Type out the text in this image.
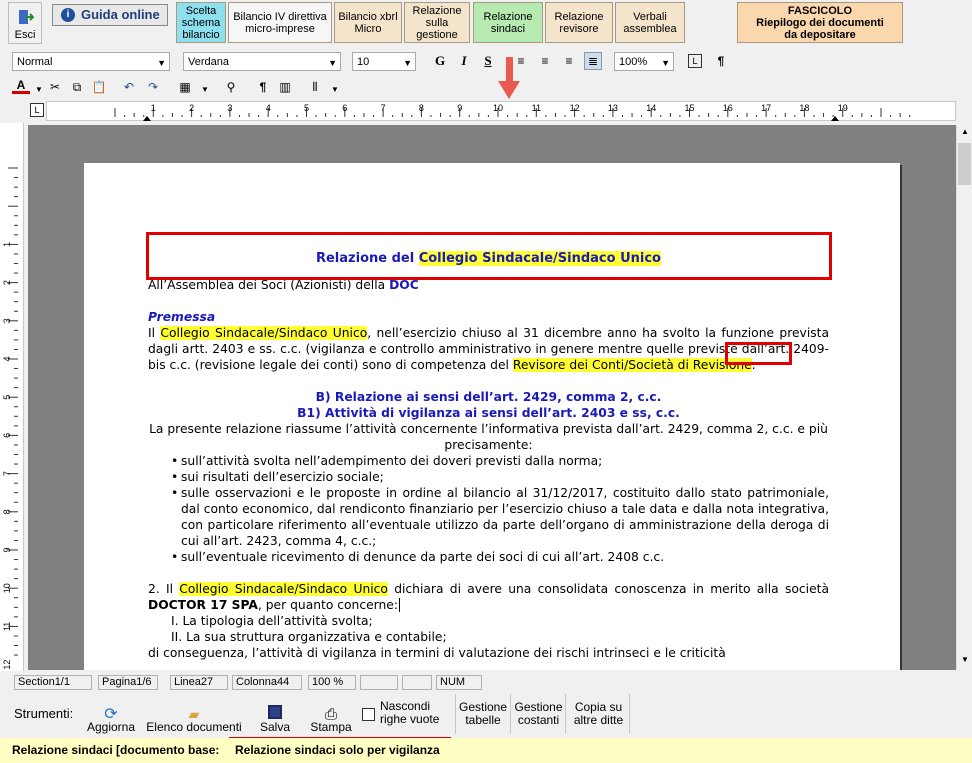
Esci
i Guida online	Scelta
schema
bilancio
Bilancio IV direttiva
micro-imprese
Bilancio xbrl
Micro
Relazione
sulla
gestione
Relazione
sindaci
Relazione
revisore
Verbali
assemblea
FASCICOLO
Riepilogo dei documenti
da depositare
Normal	▼	Verdana	▼	10	▼ G I S ≡ ≡ ≡ ≣	100% ▼ L ¶
A ▼ ✂ ⧉ 📋 ↶ ↷ ▦ ▼ ⚲ ¶ ▥ ⫴ ▼
L	1	2	3	4	5	6	7	8	9	10	11	12	13	14	15	16	17	18	19
1
2
3
4
5
6
7
8
9
10
11
12
Relazione del Collegio Sindacale/Sindaco Unico
All’Assemblea dei Soci (Azionisti) della DOC
Premessa
Il Collegio Sindacale/Sindaco Unico, nell’esercizio chiuso al 31 dicembre anno ha svolto la funzione prevista dagli artt. 2403 e ss. c.c. (vigilanza e controllo amministrativo in genere mentre quelle previste dall’art. 2409-bis c.c. (revisione legale dei conti) sono di competenza del Revisore dei Conti/Società di Revisione.
B) Relazione ai sensi dell’art. 2429, comma 2, c.c.
B1) Attività di vigilanza ai sensi dell’art. 2403 e ss, c.c.
La presente relazione riassume l’attività concernente l’informativa prevista dall’art. 2429, comma 2, c.c. e più precisamente:
• sull’attività svolta nell’adempimento dei doveri previsti dalla norma;
• sui risultati dell’esercizio sociale;
• sulle osservazioni e le proposte in ordine al bilancio al 31/12/2017, costituito dallo stato patrimoniale, dal conto economico, dal rendiconto finanziario per l’esercizio chiuso a tale data e dalla nota integrativa, con particolare riferimento all’eventuale utilizzo da parte dell’organo di amministrazione della deroga di cui all’art. 2423, comma 4, c.c.;
• sull’eventuale ricevimento di denunce da parte dei soci di cui all’art. 2408 c.c.
2. Il Collegio Sindacale/Sindaco Unico dichiara di avere una consolidata conoscenza in merito alla società DOCTOR 17 SPA, per quanto concerne:
I. La tipologia dell’attività svolta;
II. La sua struttura organizzativa e contabile;
di conseguenza, l’attività di vigilanza in termini di valutazione dei rischi intrinseci e le criticità
▲
▼
Section1/1	Pagina1/6	Linea27	Colonna44	100 %	NUM
Strumenti: ⟳
Aggiorna
▰
Elenco documenti Salva
⎙
Stampa
Nascondi
righe vuote
Gestione
tabelle
Gestione
costanti
Copia su
altre ditte
Relazione sindaci [documento base: Relazione sindaci solo per vigilanza
